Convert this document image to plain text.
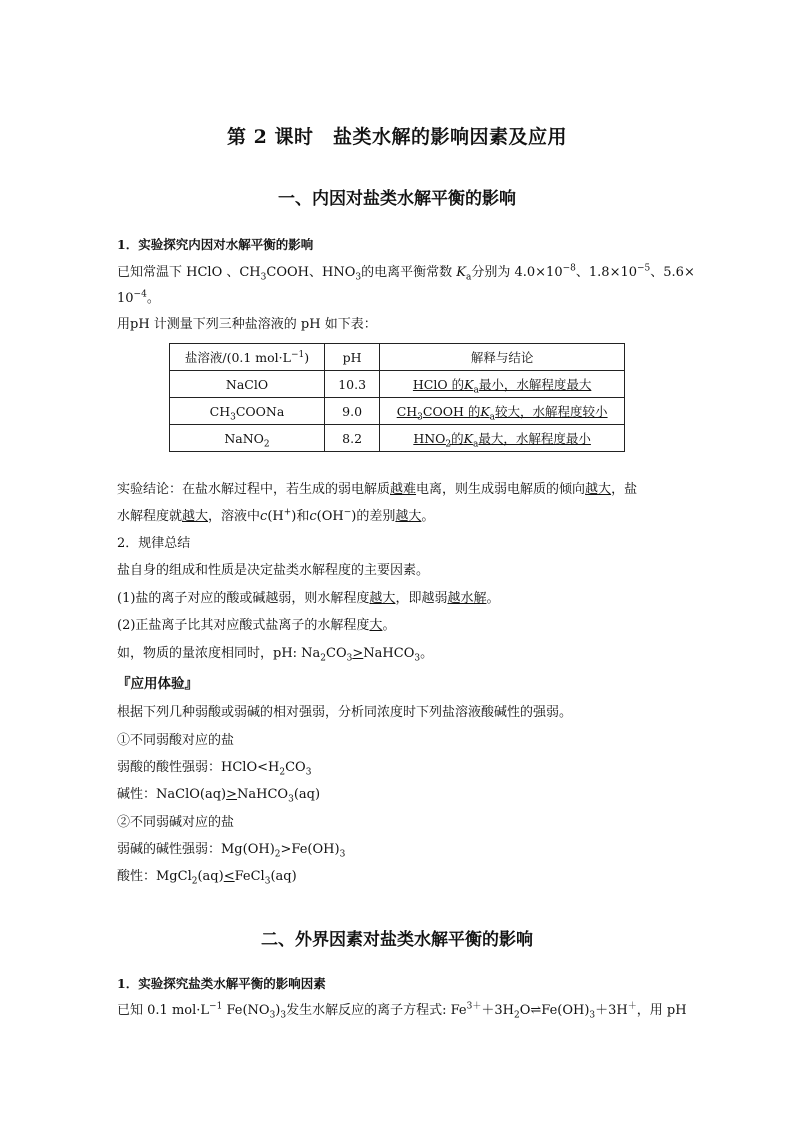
第 2 课时　盐类水解的影响因素及应用
一、内因对盐类水解平衡的影响
1．实验探究内因对水解平衡的影响
已知常温下 HClO 、$CH_3COOH$、$HNO_3$的电离平衡常数 $K_a$分别为 $4.0\times 10^{-8}$、$1.8\times 10^{-5}$、5.6×
$10^{-4}$。
用pH 计测量下列三种盐溶液的 pH 如下表：
盐溶液/(0.1 $mol\cdot L^{-1}$)	pH	解释与结论
NaClO	10.3	HClO 的$K_a$最小，水解程度最大
$CH_3COONa$	9.0	$CH_3COOH$ 的$K_a$较大，水解程度较小
NaNO$_2$	8.2	$HNO_2$的$K_a$最大，水解程度最小
实验结论：在盐水解过程中，若生成的弱电解质越难电离，则生成弱电解质的倾向越大，盐
水解程度就越大，溶液中c(H+)和c(OH−)的差别越大。
2．规律总结
盐自身的组成和性质是决定盐类水解程度的主要因素。
(1)盐的离子对应的酸或碱越弱，则水解程度越大，即越弱越水解。
(2)正盐离子比其对应酸式盐离子的水解程度大。
如，物质的量浓度相同时，pH: $Na_2CO_3>NaHCO_3$。
『应用体验』
根据下列几种弱酸或弱碱的相对强弱，分析同浓度时下列盐溶液酸碱性的强弱。
①不同弱酸对应的盐
弱酸的酸性强弱：$HClO<H_2CO_3$
碱性：NaClO(aq)>NaHCO$_3$(aq)
②不同弱碱对应的盐
弱碱的碱性强弱：$Mg(OH)_2>Fe(OH)_3$
酸性：MgCl$_2$(aq)<FeCl$_3$(aq)
二、外界因素对盐类水解平衡的影响
1．实验探究盐类水解平衡的影响因素
已知 0.1 $mol\cdot L^{-1}$ $Fe(NO_3)_3$发生水解反应的离子方程式: $Fe^{3+}+3H_2O\rightleftharpoons Fe(OH)_3+3H^+$，用 pH
